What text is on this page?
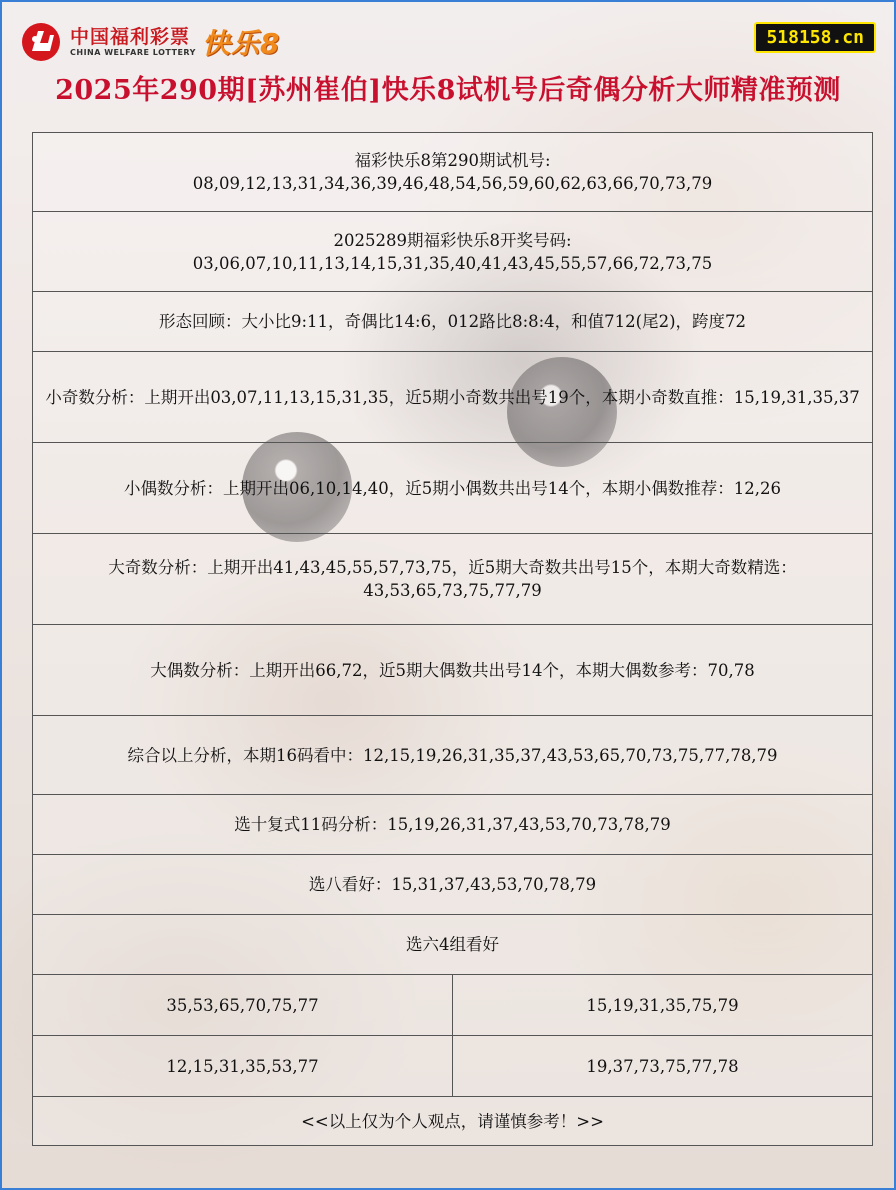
中国福利彩票
CHINA WELFARE LOTTERY 快乐8	518158.cn
2025年290期[苏州崔伯]快乐8试机号后奇偶分析大师精准预测
福彩快乐8第290期试机号:
08,09,12,13,31,34,36,39,46,48,54,56,59,60,62,63,66,70,73,79	

2025289期福彩快乐8开奖号码:
03,06,07,10,11,13,14,15,31,35,40,41,43,45,55,57,66,72,73,75	

形态回顾：大小比9:11，奇偶比14:6，012路比8:8:4，和值712(尾2)，跨度72	
小奇数分析：上期开出03,07,11,13,15,31,35，近5期小奇数共出号19个，本期小奇数直推：15,19,31,35,37	
小偶数分析：上期开出06,10,14,40，近5期小偶数共出号14个，本期小偶数推荐：12,26	
大奇数分析：上期开出41,43,45,55,57,73,75，近5期大奇数共出号15个，本期大奇数精选：43,53,65,73,75,77,79	
大偶数分析：上期开出66,72，近5期大偶数共出号14个，本期大偶数参考：70,78	
综合以上分析，本期16码看中：12,15,19,26,31,35,37,43,53,65,70,73,75,77,78,79	
选十复式11码分析：15,19,26,31,37,43,53,70,73,78,79	
选八看好：15,31,37,43,53,70,78,79	
选六4组看好	
35,53,65,70,75,77	15,19,31,35,75,79
12,15,31,35,53,77	19,37,73,75,77,78
<<以上仅为个人观点，请谨慎参考！>>	
